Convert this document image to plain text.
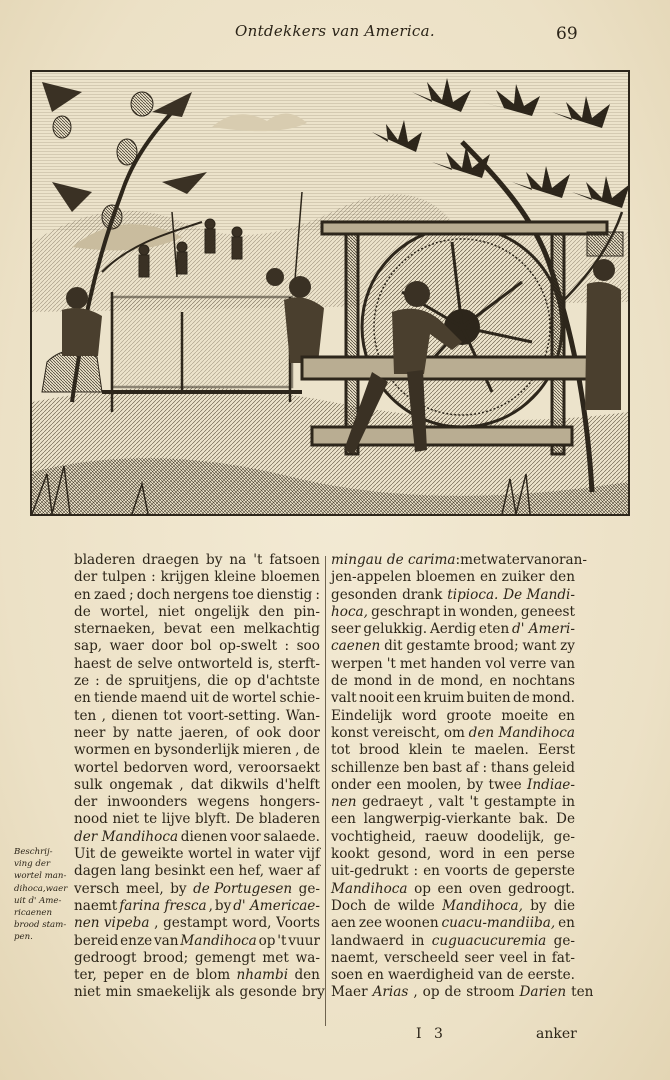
Ontdekkers van America.	69
bladeren draegen by na 't fatsoen
der tulpen : krijgen kleine bloemen
en zaed ; doch nergens toe dienstig :
de wortel, niet ongelijk den pin-
sternaeken, bevat een melkachtig
sap, waer door bol op-swelt : soo
haest de selve ontworteld is, sterft-
ze : de spruitjens, die op d'achtste
en tiende maend uit de wortel schie-
ten , dienen tot voort-setting. Wan-
neer by natte jaeren, of ook door
wormen en bysonderlijk mieren , de
wortel bedorven word, veroorsaekt
sulk ongemak , dat dikwils d'helft
der inwoonders wegens hongers-
nood niet te lijve blyft. De bladeren
der Mandihoca dienen voor salaede.
Uit de geweikte wortel in water vijf
dagen lang besinkt een hef, waer af
versch meel, by de Portugesen ge-
naemt farina fresca , by d' Americae-
nen vipeba , gestampt word, Voorts
bereid enze van Mandihoca op 't vuur
gedroogt brood; gemengt met wa-
ter, peper en de blom nhambi den
niet min smaekelijk als gesonde bry
mingau de carima : met water van oran-
jen-appelen bloemen en zuiker den
gesonden drank tipioca. De Mandi-
hoca, geschrapt in wonden, geneest
seer gelukkig. Aerdig eten d' Ameri-
caenen dit gestamte brood; want zy
werpen 't met handen vol verre van
de mond in de mond, en nochtans
valt nooit een kruim buiten de mond.
Eindelijk word groote moeite en
konst vereischt, om den Mandihoca
tot brood klein te maelen. Eerst
schillenze ben bast af : thans geleid
onder een moolen, by twee Indiae-
nen gedraeyt , valt 't gestampte in
een langwerpig-vierkante bak. De
vochtigheid, raeuw doodelijk, ge-
kookt gesond, word in een perse
uit-gedrukt : en voorts de geperste
Mandihoca op een oven gedroogt.
Doch de wilde Mandihoca, by die
aen zee woonen cuacu-mandiiba, en
landwaerd in cuguacucuremia ge-
naemt, verscheeld seer veel in fat-
soen en waerdigheid van de eerste.
Maer Arias , op de stroom Darien ten
Beschrij-
ving der
wortel man-
dihoca,waer
uit d' Ame-
ricaenen
brood stam-
pen.
I 3	anker
